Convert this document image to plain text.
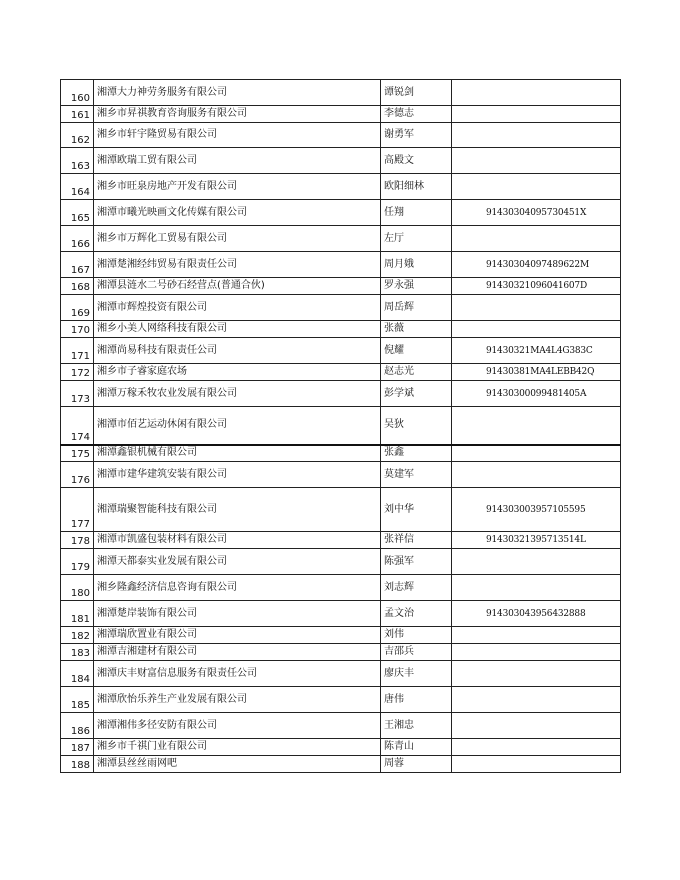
160	湘潭大力神劳务服务有限公司	谭锐剑	
161	湘乡市昇祺教育咨询服务有限公司	李德志	
162	湘乡市轩宇隆贸易有限公司	谢勇军	
163	湘潭欧瑞工贸有限公司	高殿文	
164	湘乡市旺泉房地产开发有限公司	欧阳细林	
165	湘潭市曦光映画文化传媒有限公司	任翔	91430304095730451X
166	湘乡市万辉化工贸易有限公司	左厅	
167	湘潭楚湘经纬贸易有限责任公司	周月娥	91430304097489622M
168	湘潭县涟水二号砂石经营点(普通合伙)	罗永强	91430321096041607D
169	湘潭市辉煌投资有限公司	周岳辉	
170	湘乡小美人网络科技有限公司	张薇	
171	湘潭尚易科技有限责任公司	倪耀	91430321MA4L4G383C
172	湘乡市子睿家庭农场	赵志光	91430381MA4LEBB42Q
173	湘潭万稼禾牧农业发展有限公司	彭学斌	91430300099481405A
174	湘潭市佰艺运动休闲有限公司	吴狄	
175	湘潭鑫银机械有限公司	张鑫	
176	湘潭市建华建筑安装有限公司	莫建军	
177	湘潭瑞聚智能科技有限公司	刘中华	914303003957105595
178	湘潭市凯盛包装材料有限公司	张祥信	91430321395713514L
179	湘潭天都泰实业发展有限公司	陈强军	
180	湘乡隆鑫经济信息咨询有限公司	刘志辉	
181	湘潭楚岸装饰有限公司	孟文治	914303043956432888
182	湘潭瑞欣置业有限公司	刘伟	
183	湘潭吉湘建材有限公司	吉邵兵	
184	湘潭庆丰财富信息服务有限责任公司	廖庆丰	
185	湘潭欣怡乐养生产业发展有限公司	唐伟	
186	湘潭湘伟多径安防有限公司	王湘忠	
187	湘乡市千祺门业有限公司	陈青山	
188	湘潭县丝丝雨网吧	周蓉	
